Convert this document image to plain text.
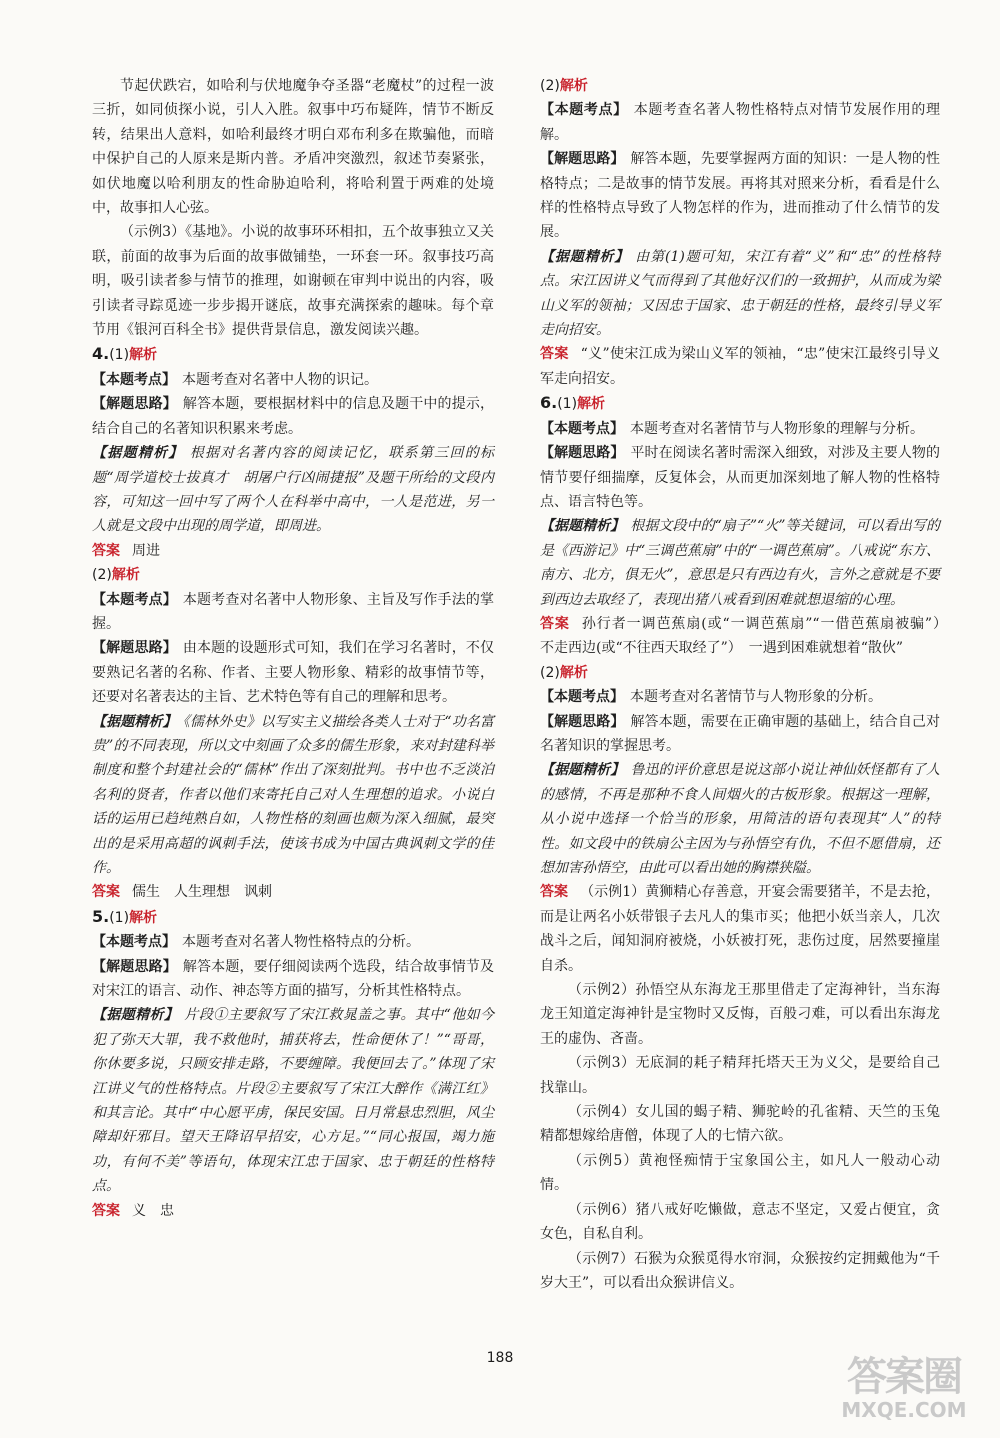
节起伏跌宕，如哈利与伏地魔争夺圣器“老魔杖”的过程一波三折，如同侦探小说，引人入胜。叙事中巧布疑阵，情节不断反转，结果出人意料，如哈利最终才明白邓布利多在欺骗他，而暗中保护自己的人原来是斯内普。矛盾冲突激烈，叙述节奏紧张，如伏地魔以哈利朋友的性命胁迫哈利，将哈利置于两难的处境中，故事扣人心弦。

（示例3）《基地》。小说的故事环环相扣，五个故事独立又关联，前面的故事为后面的故事做铺垫，一环套一环。叙事技巧高明，吸引读者参与情节的推理，如谢顿在审判中说出的内容，吸引读者寻踪觅迹一步步揭开谜底，故事充满探索的趣味。每个章节用《银河百科全书》提供背景信息，激发阅读兴趣。

4.(1)解析

【本题考点】 本题考查对名著中人物的识记。

【解题思路】 解答本题，要根据材料中的信息及题干中的提示，结合自己的名著知识积累来考虑。

【据题精析】 根据对名著内容的阅读记忆，联系第三回的标题“周学道校士拔真才　胡屠户行凶闹捷报”及题干所给的文段内容，可知这一回中写了两个人在科举中高中，一人是范进，另一人就是文段中出现的周学道，即周进。

答案 周进

(2)解析

【本题考点】 本题考查对名著中人物形象、主旨及写作手法的掌握。

【解题思路】 由本题的设题形式可知，我们在学习名著时，不仅要熟记名著的名称、作者、主要人物形象、精彩的故事情节等，还要对名著表达的主旨、艺术特色等有自己的理解和思考。

【据题精析】 《儒林外史》以写实主义描绘各类人士对于“功名富贵”的不同表现，所以文中刻画了众多的儒生形象，来对封建科举制度和整个封建社会的“儒林”作出了深刻批判。书中也不乏淡泊名利的贤者，作者以他们来寄托自己对人生理想的追求。小说白话的运用已趋纯熟自如，人物性格的刻画也颇为深入细腻，最突出的是采用高超的讽刺手法，使该书成为中国古典讽刺文学的佳作。

答案 儒生　人生理想　讽刺

5.(1)解析

【本题考点】 本题考查对名著人物性格特点的分析。

【解题思路】 解答本题，要仔细阅读两个选段，结合故事情节及对宋江的语言、动作、神态等方面的描写，分析其性格特点。

【据题精析】 片段①主要叙写了宋江救晁盖之事。其中“他如今犯了弥天大罪，我不救他时，捕获将去，性命便休了！”“哥哥，你休要多说，只顾安排走路，不要缠障。我便回去了。”体现了宋江讲义气的性格特点。片段②主要叙写了宋江大醉作《满江红》和其言论。其中“中心愿平虏，保民安国。日月常悬忠烈胆，风尘障却奸邪目。望天王降诏早招安，心方足。”“同心报国，竭力施功，有何不美”等语句，体现宋江忠于国家、忠于朝廷的性格特点。

答案 义　忠

(2)解析

【本题考点】 本题考查名著人物性格特点对情节发展作用的理解。

【解题思路】 解答本题，先要掌握两方面的知识：一是人物的性格特点；二是故事的情节发展。再将其对照来分析，看看是什么样的性格特点导致了人物怎样的作为，进而推动了什么情节的发展。

【据题精析】 由第(1)题可知，宋江有着“义”和“忠”的性格特点。宋江因讲义气而得到了其他好汉们的一致拥护，从而成为梁山义军的领袖；又因忠于国家、忠于朝廷的性格，最终引导义军走向招安。

答案 “义”使宋江成为梁山义军的领袖，“忠”使宋江最终引导义军走向招安。

6.(1)解析

【本题考点】 本题考查对名著情节与人物形象的理解与分析。

【解题思路】 平时在阅读名著时需深入细致，对涉及主要人物的情节要仔细揣摩，反复体会，从而更加深刻地了解人物的性格特点、语言特色等。

【据题精析】 根据文段中的“扇子”“火”等关键词，可以看出写的是《西游记》中“三调芭蕉扇”中的“一调芭蕉扇”。八戒说“东方、南方、北方，俱无火”，意思是只有西边有火，言外之意就是不要到西边去取经了，表现出猪八戒看到困难就想退缩的心理。

答案 孙行者一调芭蕉扇(或“一调芭蕉扇”“一借芭蕉扇被骗”）　不走西边(或“不往西天取经了”）　一遇到困难就想着“散伙”

(2)解析

【本题考点】 本题考查对名著情节与人物形象的分析。

【解题思路】 解答本题，需要在正确审题的基础上，结合自己对名著知识的掌握思考。

【据题精析】 鲁迅的评价意思是说这部小说让神仙妖怪都有了人的感情，不再是那种不食人间烟火的古板形象。根据这一理解，从小说中选择一个恰当的形象，用简洁的语句表现其“人”的特性。如文段中的铁扇公主因为与孙悟空有仇，不但不愿借扇，还想加害孙悟空，由此可以看出她的胸襟狭隘。

答案 （示例1）黄狮精心存善意，开宴会需要猪羊，不是去抢，而是让两名小妖带银子去凡人的集市买；他把小妖当亲人，几次战斗之后，闻知洞府被烧，小妖被打死，悲伤过度，居然要撞崖自杀。

（示例2）孙悟空从东海龙王那里借走了定海神针，当东海龙王知道定海神针是宝物时又反悔，百般刁难，可以看出东海龙王的虚伪、吝啬。

（示例3）无底洞的耗子精拜托塔天王为义父，是要给自己找靠山。

（示例4）女儿国的蝎子精、狮驼岭的孔雀精、天竺的玉兔精都想嫁给唐僧，体现了人的七情六欲。

（示例5）黄袍怪痴情于宝象国公主，如凡人一般动心动情。

（示例6）猪八戒好吃懒做，意志不坚定，又爱占便宜，贪女色，自私自利。

（示例7）石猴为众猴觅得水帘洞，众猴按约定拥戴他为“千岁大王”，可以看出众猴讲信义。

188	答案圈
MXQE.COM
